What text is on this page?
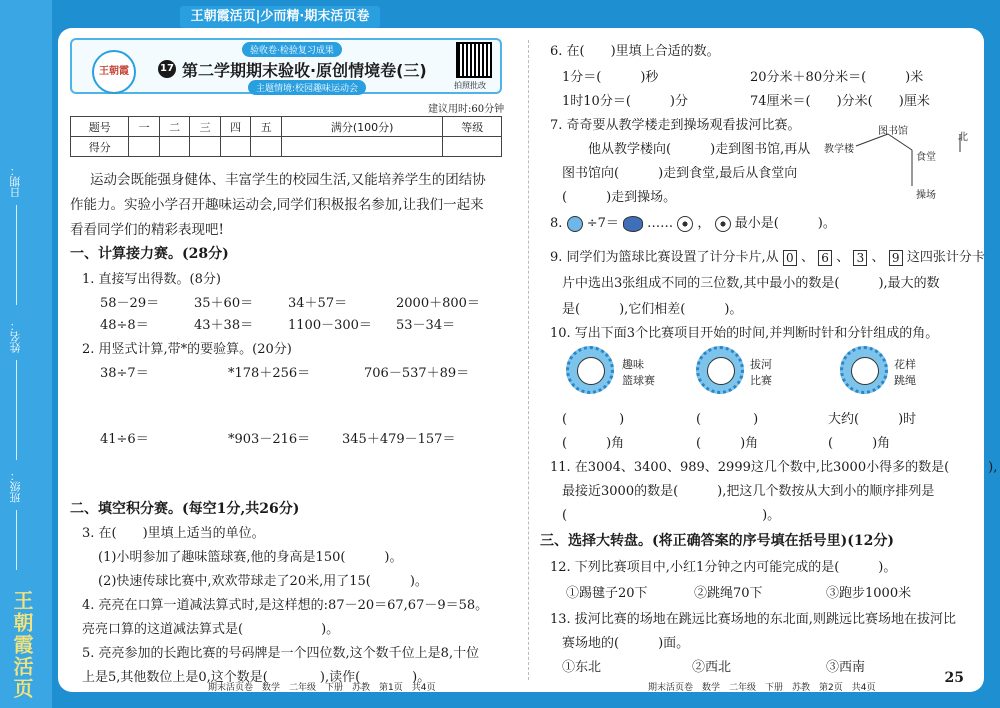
日期：
姓名：
班级：
王朝霞活页
王朝霞活页|少而精·期末活页卷
王朝霞
验收卷·检验复习成果
17 第二学期期末验收·原创情境卷(三)
主题情境:校园趣味运动会	拍照批改
建议用时:60分钟
题号	一	二	三	四	五	满分(100分)	等级
得分							
运动会既能强身健体、丰富学生的校园生活,又能培养学生的团结协
作能力。实验小学召开趣味运动会,同学们积极报名参加,让我们一起来
看看同学们的精彩表现吧!
一、计算接力赛。(28分)
1. 直接写出得数。(8分)
58－29＝	35＋60＝	34＋57＝	2000＋800＝
48÷8＝	43＋38＝	1100－300＝ 53－34＝
2. 用竖式计算,带*的要验算。(20分)
38÷7＝	*178＋256＝	706－537＋89＝
41÷6＝	*903－216＝ 345＋479－157＝
二、填空积分赛。(每空1分,共26分)
3. 在(　　)里填上适当的单位。
(1)小明参加了趣味篮球赛,他的身高是150(　　　)。
(2)快速传球比赛中,欢欢带球走了20米,用了15(　　　)。
4. 亮亮在口算一道减法算式时,是这样想的:87－20＝67,67－9＝58。
亮亮口算的这道减法算式是(　　　　　　)。
5. 亮亮参加的长跑比赛的号码牌是一个四位数,这个数千位上是8,十位
上是5,其他数位上是0,这个数是(　　　　),读作(　　　　)。
期末活页卷　数学　二年级　下册　苏教　第1页　共4页
6. 在(　　)里填上合适的数。
1分＝(　　　)秒	20分米＋80分米＝(　　　)米
1时10分＝(　　　)分	74厘米＝(　　)分米(　　)厘米
7. 奇奇要从教学楼走到操场观看拔河比赛。
他从教学楼向(　　　)走到图书馆,再从
图书馆向(　　　)走到食堂,最后从食堂向
(　　　)走到操场。
图书馆
北
教学楼
食堂
操场
8. ÷7＝ …… ， 最小是(　　　)。
9. 同学们为篮球比赛设置了计分卡片,从 0 、 6 、 3 、 9 这四张计分卡
片中选出3张组成不同的三位数,其中最小的数是(　　　),最大的数
是(　　　),它们相差(　　　)。
10. 写出下面3个比赛项目开始的时间,并判断时针和分针组成的角。
趣味
篮球赛
拔河
比赛
花样
跳绳
(　　　　)	(　　　　)	大约(　　　)时
(　　　)角	(　　　)角	(　　　)角
11. 在3004、3400、989、2999这几个数中,比3000小得多的数是(　　　),
最接近3000的数是(　　　),把这几个数按从大到小的顺序排列是
(　　　　　　　　　　　　　　　)。
三、选择大转盘。(将正确答案的序号填在括号里)(12分)
12. 下列比赛项目中,小红1分钟之内可能完成的是(　　　)。
①踢毽子20下	②跳绳70下	③跑步1000米
13. 拔河比赛的场地在跳远比赛场地的东北面,则跳远比赛场地在拔河比
赛场地的(　　　)面。
①东北	②西北	③西南
期末活页卷　数学　二年级　下册　苏教　第2页　共4页
25
